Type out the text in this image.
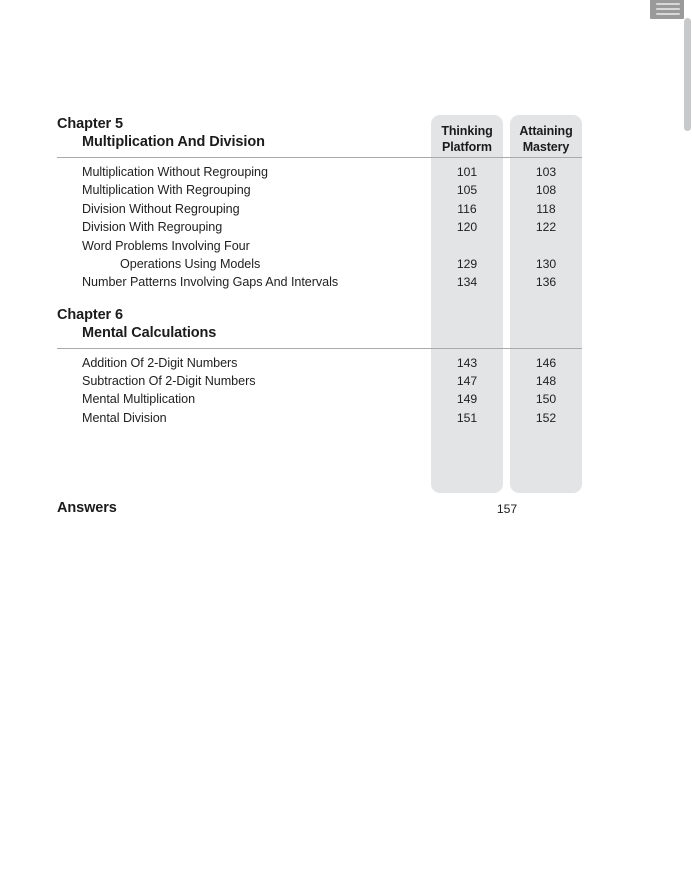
Thinking
Platform
Attaining
Mastery
Chapter 5
Multiplication And Division
Multiplication Without Regrouping	101	103
Multiplication With Regrouping	105	108
Division Without Regrouping	116	118
Division With Regrouping	120	122
Word Problems Involving Four
Operations Using Models	129	130
Number Patterns Involving Gaps And Intervals	134	136
Chapter 6
Mental Calculations
Addition Of 2-Digit Numbers	143	146
Subtraction Of 2-Digit Numbers	147	148
Mental Multiplication	149	150
Mental Division	151	152
Answers	157
